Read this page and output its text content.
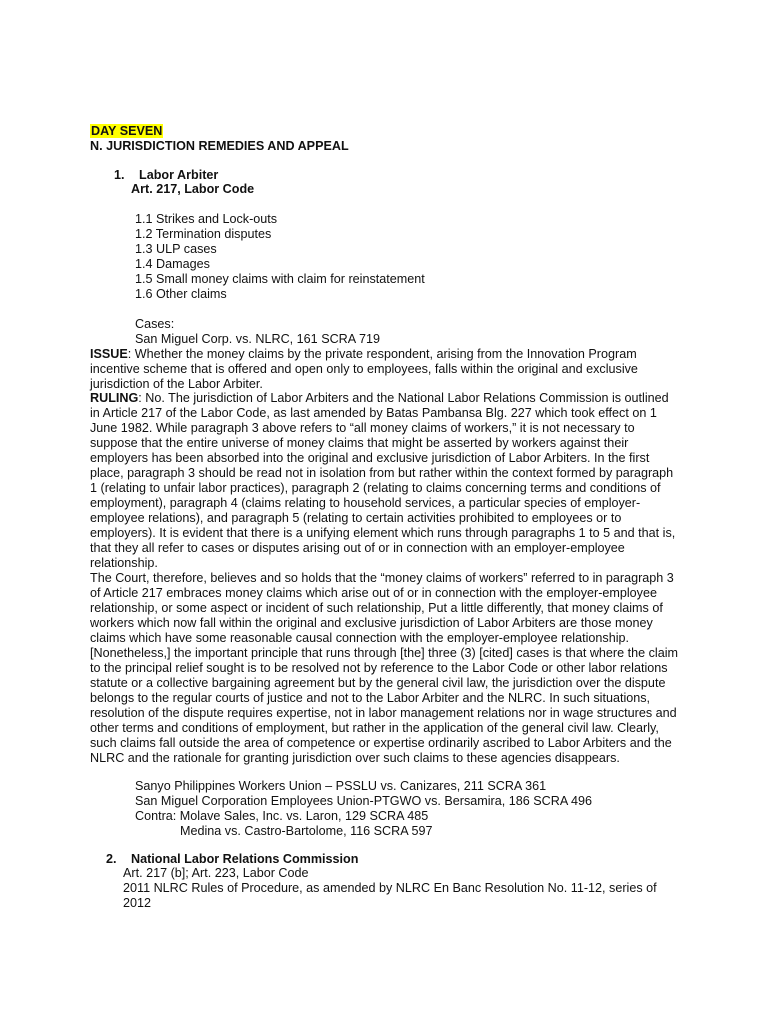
DAY SEVEN
N. JURISDICTION REMEDIES AND APPEAL
1. Labor Arbiter
Art. 217, Labor Code
1.1 Strikes and Lock-outs
1.2 Termination disputes
1.3 ULP cases
1.4 Damages
1.5 Small money claims with claim for reinstatement
1.6 Other claims
Cases:
San Miguel Corp. vs. NLRC, 161 SCRA 719
ISSUE: Whether the money claims by the private respondent, arising from the Innovation Program
incentive scheme that is offered and open only to employees, falls within the original and exclusive
jurisdiction of the Labor Arbiter.
RULING: No. The jurisdiction of Labor Arbiters and the National Labor Relations Commission is outlined
in Article 217 of the Labor Code, as last amended by Batas Pambansa Blg. 227 which took effect on 1
June 1982. While paragraph 3 above refers to “all money claims of workers,” it is not necessary to
suppose that the entire universe of money claims that might be asserted by workers against their
employers has been absorbed into the original and exclusive jurisdiction of Labor Arbiters. In the first
place, paragraph 3 should be read not in isolation from but rather within the context formed by paragraph
1 (relating to unfair labor practices), paragraph 2 (relating to claims concerning terms and conditions of
employment), paragraph 4 (claims relating to household services, a particular species of employer-
employee relations), and paragraph 5 (relating to certain activities prohibited to employees or to
employers). It is evident that there is a unifying element which runs through paragraphs 1 to 5 and that is,
that they all refer to cases or disputes arising out of or in connection with an employer-employee
relationship.
The Court, therefore, believes and so holds that the “money claims of workers” referred to in paragraph 3
of Article 217 embraces money claims which arise out of or in connection with the employer-employee
relationship, or some aspect or incident of such relationship, Put a little differently, that money claims of
workers which now fall within the original and exclusive jurisdiction of Labor Arbiters are those money
claims which have some reasonable causal connection with the employer-employee relationship.
[Nonetheless,] the important principle that runs through [the] three (3) [cited] cases is that where the claim
to the principal relief sought is to be resolved not by reference to the Labor Code or other labor relations
statute or a collective bargaining agreement but by the general civil law, the jurisdiction over the dispute
belongs to the regular courts of justice and not to the Labor Arbiter and the NLRC. In such situations,
resolution of the dispute requires expertise, not in labor management relations nor in wage structures and
other terms and conditions of employment, but rather in the application of the general civil law. Clearly,
such claims fall outside the area of competence or expertise ordinarily ascribed to Labor Arbiters and the
NLRC and the rationale for granting jurisdiction over such claims to these agencies disappears.
Sanyo Philippines Workers Union – PSSLU vs. Canizares, 211 SCRA 361
San Miguel Corporation Employees Union-PTGWO vs. Bersamira, 186 SCRA 496
Contra: Molave Sales, Inc. vs. Laron, 129 SCRA 485
Medina vs. Castro-Bartolome, 116 SCRA 597
2. National Labor Relations Commission
Art. 217 (b]; Art. 223, Labor Code
2011 NLRC Rules of Procedure, as amended by NLRC En Banc Resolution No. 11-12, series of
2012
